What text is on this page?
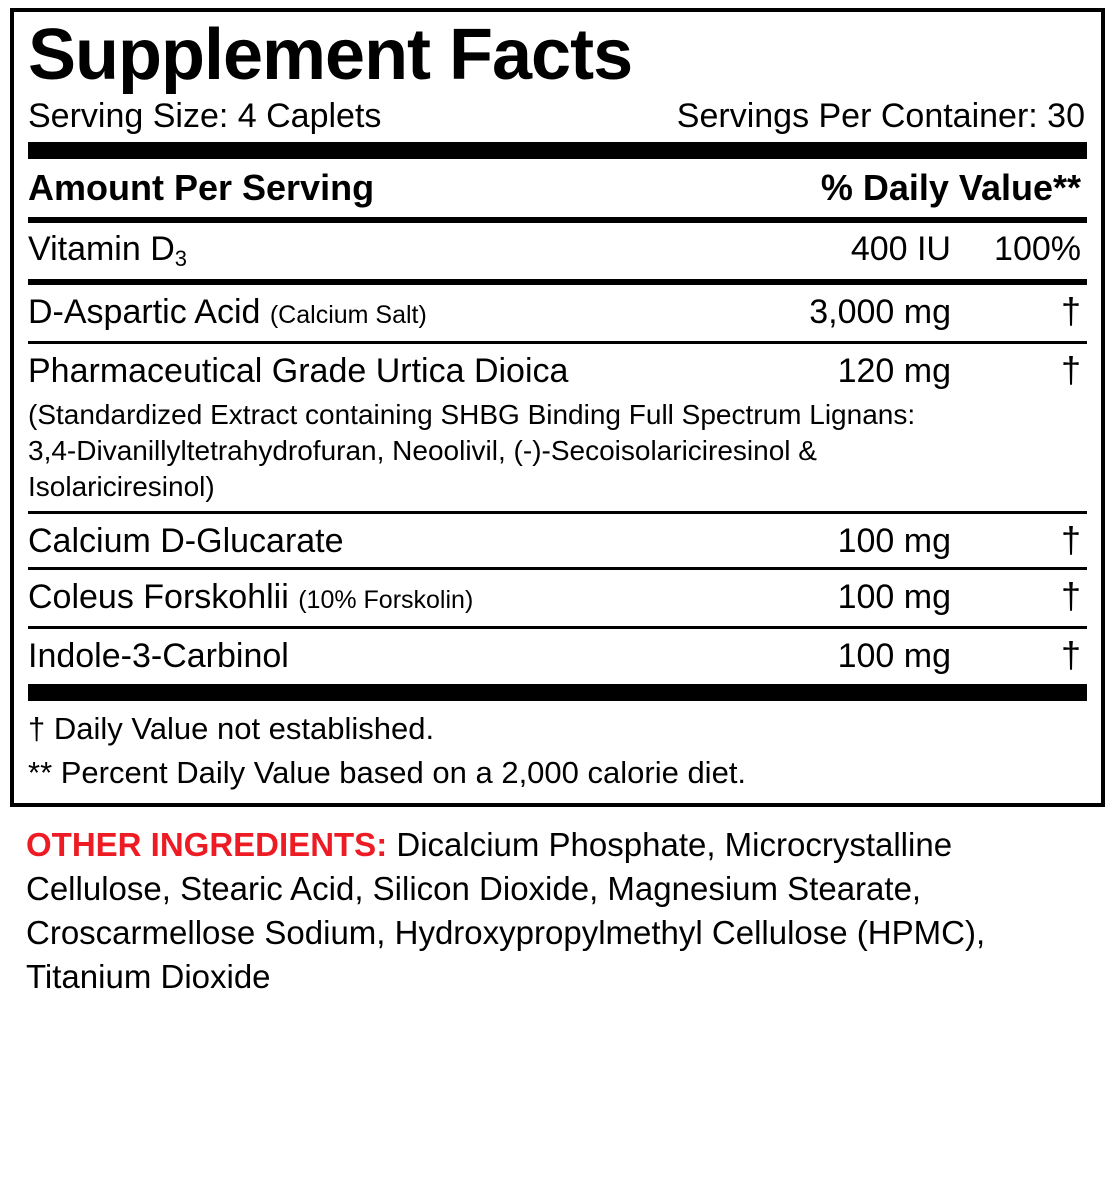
Supplement Facts
Serving Size: 4 Caplets	Servings Per Container: 30
Amount Per Serving	% Daily Value**
Vitamin $D_3$	400 IU	100%
D-Aspartic Acid (Calcium Salt)	3,000 mg	†
Pharmaceutical Grade Urtica Dioica	120 mg	†
(Standardized Extract containing SHBG Binding Full Spectrum Lignans:
3,4-Divanillyltetrahydrofuran, Neoolivil, (-)-Secoisolariciresinol &
Isolariciresinol)
Calcium D-Glucarate	100 mg	†
Coleus Forskohlii (10% Forskolin)	100 mg	†
Indole-3-Carbinol	100 mg	†
† Daily Value not established.
** Percent Daily Value based on a 2,000 calorie diet.
OTHER INGREDIENTS: Dicalcium Phosphate, Microcrystalline Cellulose, Stearic Acid, Silicon Dioxide, Magnesium Stearate, Croscarmellose Sodium, Hydroxypropylmethyl Cellulose (HPMC), Titanium Dioxide
